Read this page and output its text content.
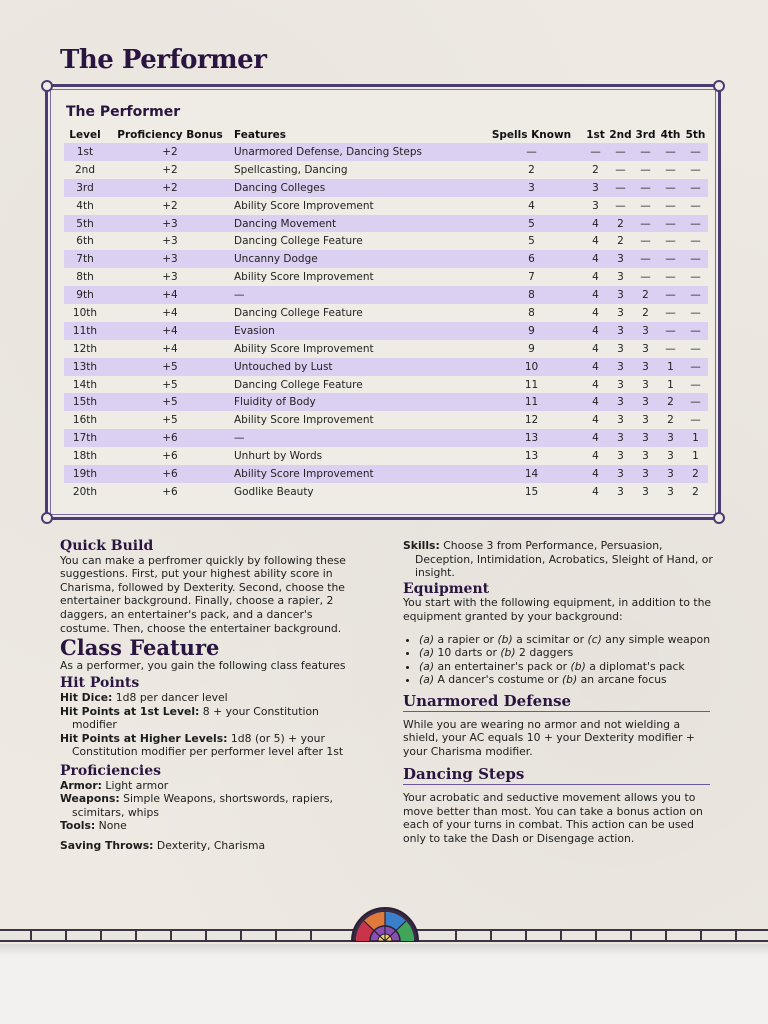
The Performer
The Performer
Level	Proficiency Bonus	Features	Spells Known	1st	2nd	3rd	4th	5th
1st	+2	Unarmored Defense, Dancing Steps	—	—	—	—	—	—
2nd	+2	Spellcasting, Dancing	2	2	—	—	—	—
3rd	+2	Dancing Colleges	3	3	—	—	—	—
4th	+2	Ability Score Improvement	4	3	—	—	—	—
5th	+3	Dancing Movement	5	4	2	—	—	—
6th	+3	Dancing College Feature	5	4	2	—	—	—
7th	+3	Uncanny Dodge	6	4	3	—	—	—
8th	+3	Ability Score Improvement	7	4	3	—	—	—
9th	+4	—	8	4	3	2	—	—
10th	+4	Dancing College Feature	8	4	3	2	—	—
11th	+4	Evasion	9	4	3	3	—	—
12th	+4	Ability Score Improvement	9	4	3	3	—	—
13th	+5	Untouched by Lust	10	4	3	3	1	—
14th	+5	Dancing College Feature	11	4	3	3	1	—
15th	+5	Fluidity of Body	11	4	3	3	2	—
16th	+5	Ability Score Improvement	12	4	3	3	2	—
17th	+6	—	13	4	3	3	3	1
18th	+6	Unhurt by Words	13	4	3	3	3	1
19th	+6	Ability Score Improvement	14	4	3	3	3	2
20th	+6	Godlike Beauty	15	4	3	3	3	2
Quick Build

You can make a perfromer quickly by following these suggestions. First, put your highest ability score in Charisma, followed by Dexterity. Second, choose the entertainer background. Finally, choose a rapier, 2 daggers, an entertainer's pack, and a dancer's costume. Then, choose the entertainer background.

Class Feature

As a performer, you gain the following class features

Hit Points

Hit Dice: 1d8 per dancer level

Hit Points at 1st Level: 8 + your Constitution modifier

Hit Points at Higher Levels: 1d8 (or 5) + your Constitution modifier per performer level after 1st

Proficiencies

Armor: Light armor

Weapons: Simple Weapons, shortswords, rapiers, scimitars, whips

Tools: None

Saving Throws: Dexterity, Charisma

Skills: Choose 3 from Performance, Persuasion, Deception, Intimidation, Acrobatics, Sleight of Hand, or insight.

Equipment

You start with the following equipment, in addition to the equipment granted by your background:

• (a) a rapier or (b) a scimitar or (c) any simple weapon
• (a) 10 darts or (b) 2 daggers
• (a) an entertainer's pack or (b) a diplomat's pack
• (a) A dancer's costume or (b) an arcane focus
Unarmored Defense

While you are wearing no armor and not wielding a shield, your AC equals 10 + your Dexterity modifier + your Charisma modifier.

Dancing Steps

Your acrobatic and seductive movement allows you to move better than most. You can take a bonus action on each of your turns in combat. This action can be used only to take the Dash or Disengage action.
